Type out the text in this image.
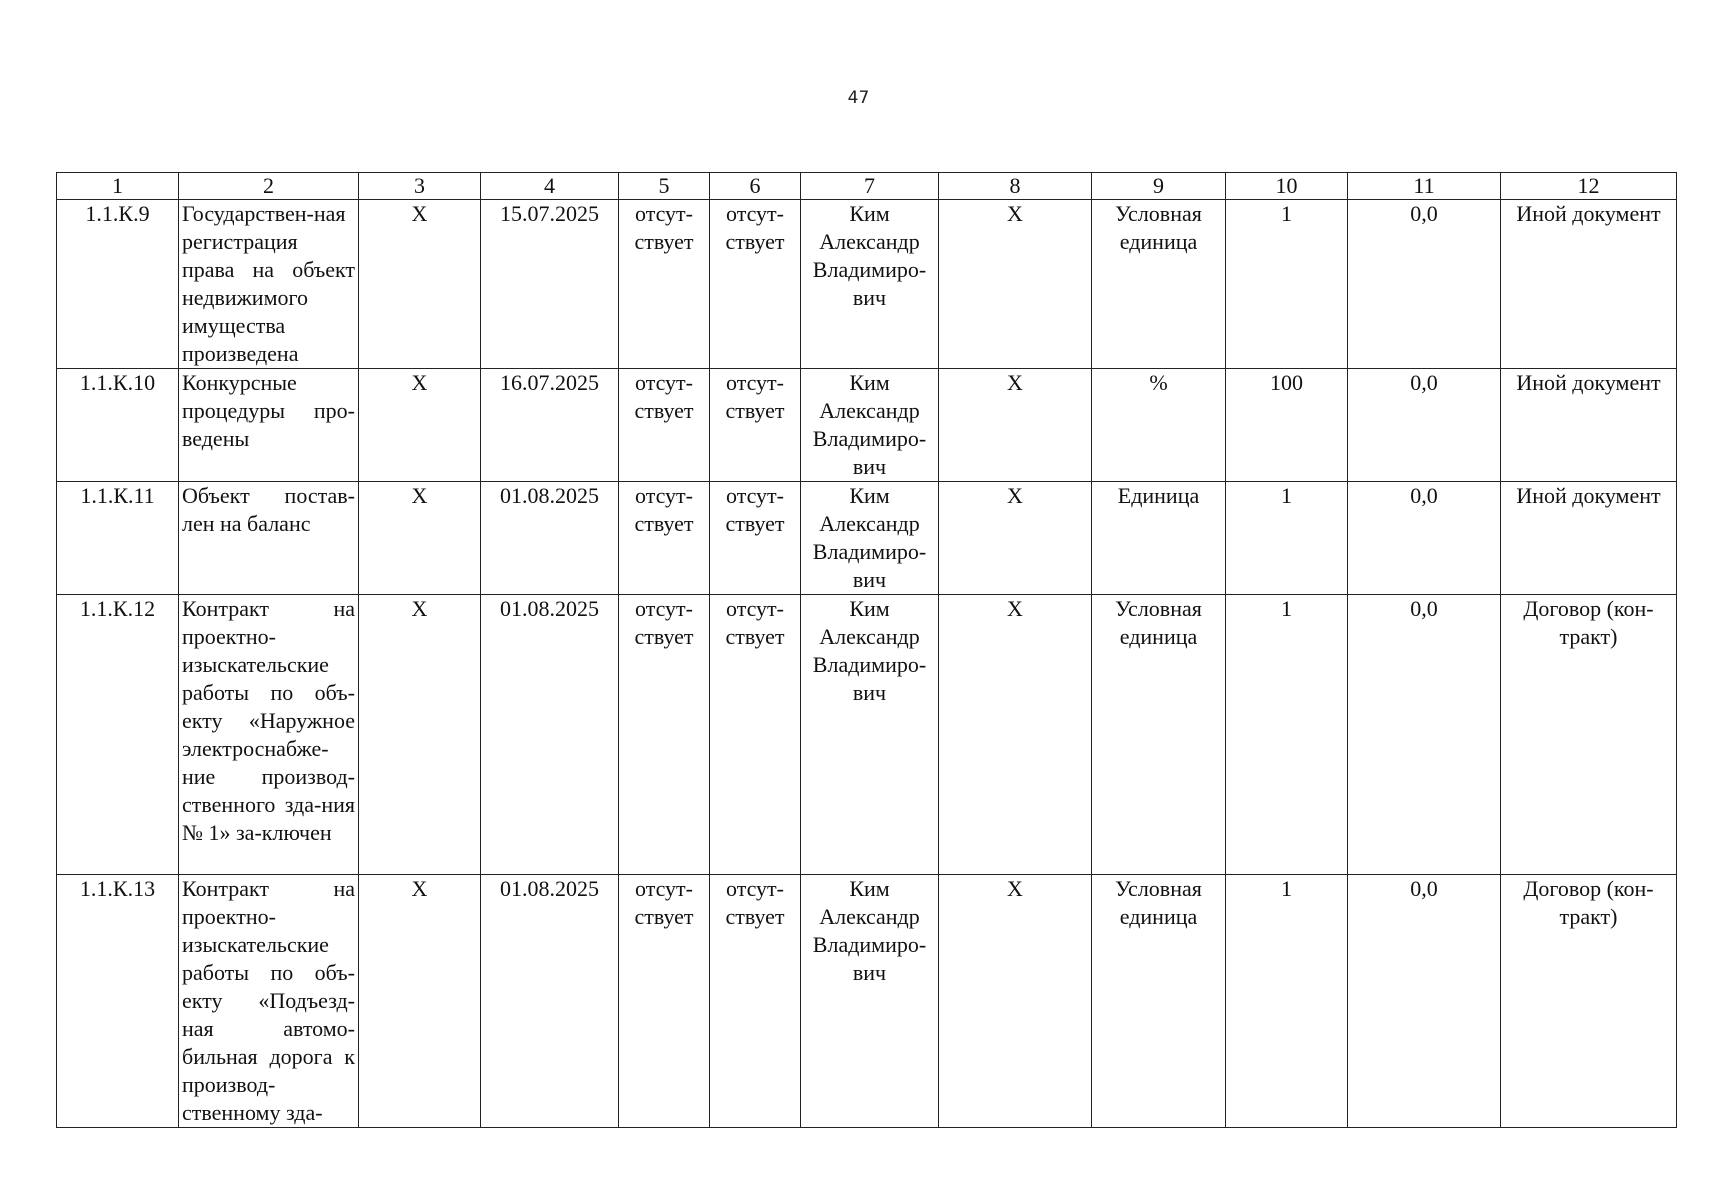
47
1	2	3	4	5	6	7	8	9	10	11	12
1.1.К.9	Государствен-ная регистрация права на объект недвижимого имущества произведена	Х	15.07.2025	отсут-ствует	отсут-ствует	Ким Александр Владимиро-вич	Х	Условная единица	1	0,0	Иной документ
1.1.К.10	Конкурсные процедуры про-ведены	Х	16.07.2025	отсут-ствует	отсут-ствует	Ким Александр Владимиро-вич	Х	%	100	0,0	Иной документ
1.1.К.11	Объект постав-лен на баланс	Х	01.08.2025	отсут-ствует	отсут-ствует	Ким Александр Владимиро-вич	Х	Единица	1	0,0	Иной документ
1.1.К.12	Контракт на проектно-изыскательские работы по объ-екту «Наружное электроснабже-ние производ-ственного зда-ния № 1» за-ключен	Х	01.08.2025	отсут-ствует	отсут-ствует	Ким Александр Владимиро-вич	Х	Условная единица	1	0,0	Договор (кон-тракт)
1.1.К.13	Контракт на проектно-изыскательские работы по объ-екту «Подъезд-ная автомо-бильная дорога к производ-ственному зда-	Х	01.08.2025	отсут-ствует	отсут-ствует	Ким Александр Владимиро-вич	Х	Условная единица	1	0,0	Договор (кон-тракт)
